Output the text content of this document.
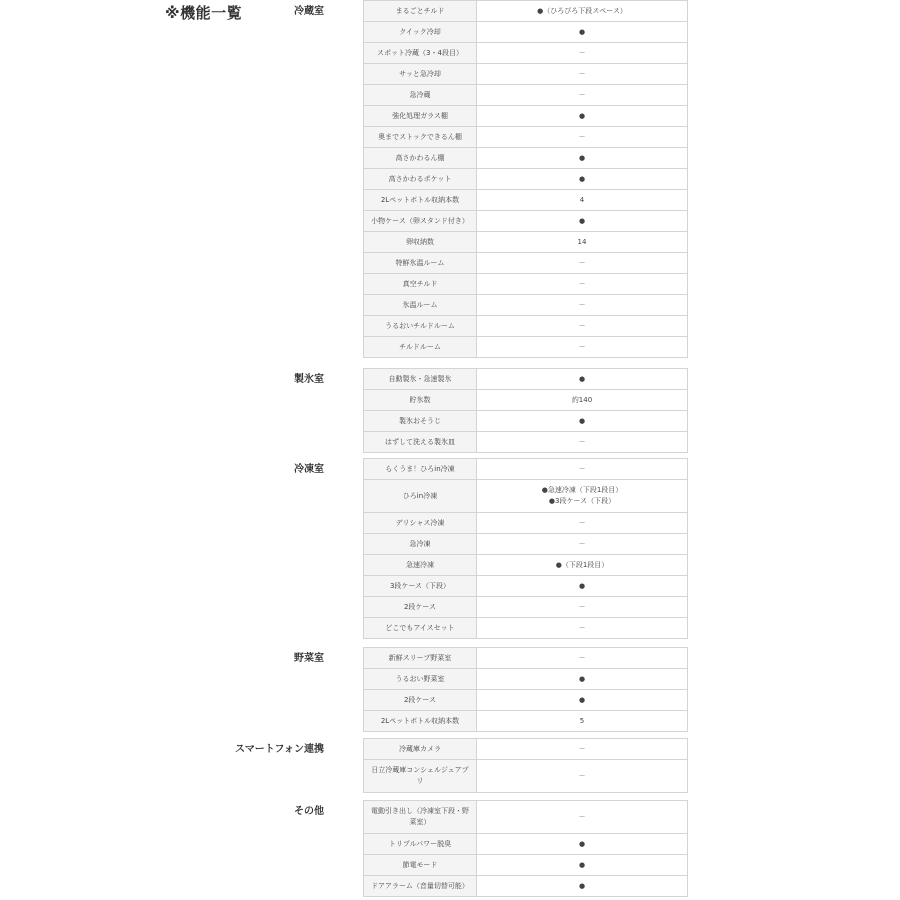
※機能一覧	冷蔵室	まるごとチルド	●（ひろびろ下段スペース）
クイック冷却	●
スポット冷蔵（3・4段目）	－
サッと急冷却	－
急冷蔵	－
強化処理ガラス棚	●
奥までストックできるん棚	－
高さかわるん棚	●
高さかわるポケット	●
2Lペットボトル収納本数	4
小物ケース（卵スタンド付き）	●
卵収納数	14
特鮮氷温ルーム	－
真空チルド	－
氷温ルーム	－
うるおいチルドルーム	－
チルドルーム	－
製氷室	自動製氷・急速製氷	●
貯氷数	約140
製氷おそうじ	●
はずして洗える製氷皿	－
冷凍室	らくうま！ひろin冷凍	－
ひろin冷凍	●急速冷凍（下段1段目）
●3段ケース（下段）

デリシャス冷凍	－
急冷凍	－
急速冷凍	●（下段1段目）
3段ケース（下段）	●
2段ケース	－
どこでもアイスセット	－
野菜室	新鮮スリープ野菜室	－
うるおい野菜室	●
2段ケース	●
2Lペットボトル収納本数	5
スマートフォン連携	冷蔵庫カメラ	－
日立冷蔵庫コンシェルジュアプリ	－
その他	電動引き出し（冷凍室下段・野菜室）	－
トリプルパワー脱臭	●
節電モード	●
ドアアラーム（音量切替可能）	●
